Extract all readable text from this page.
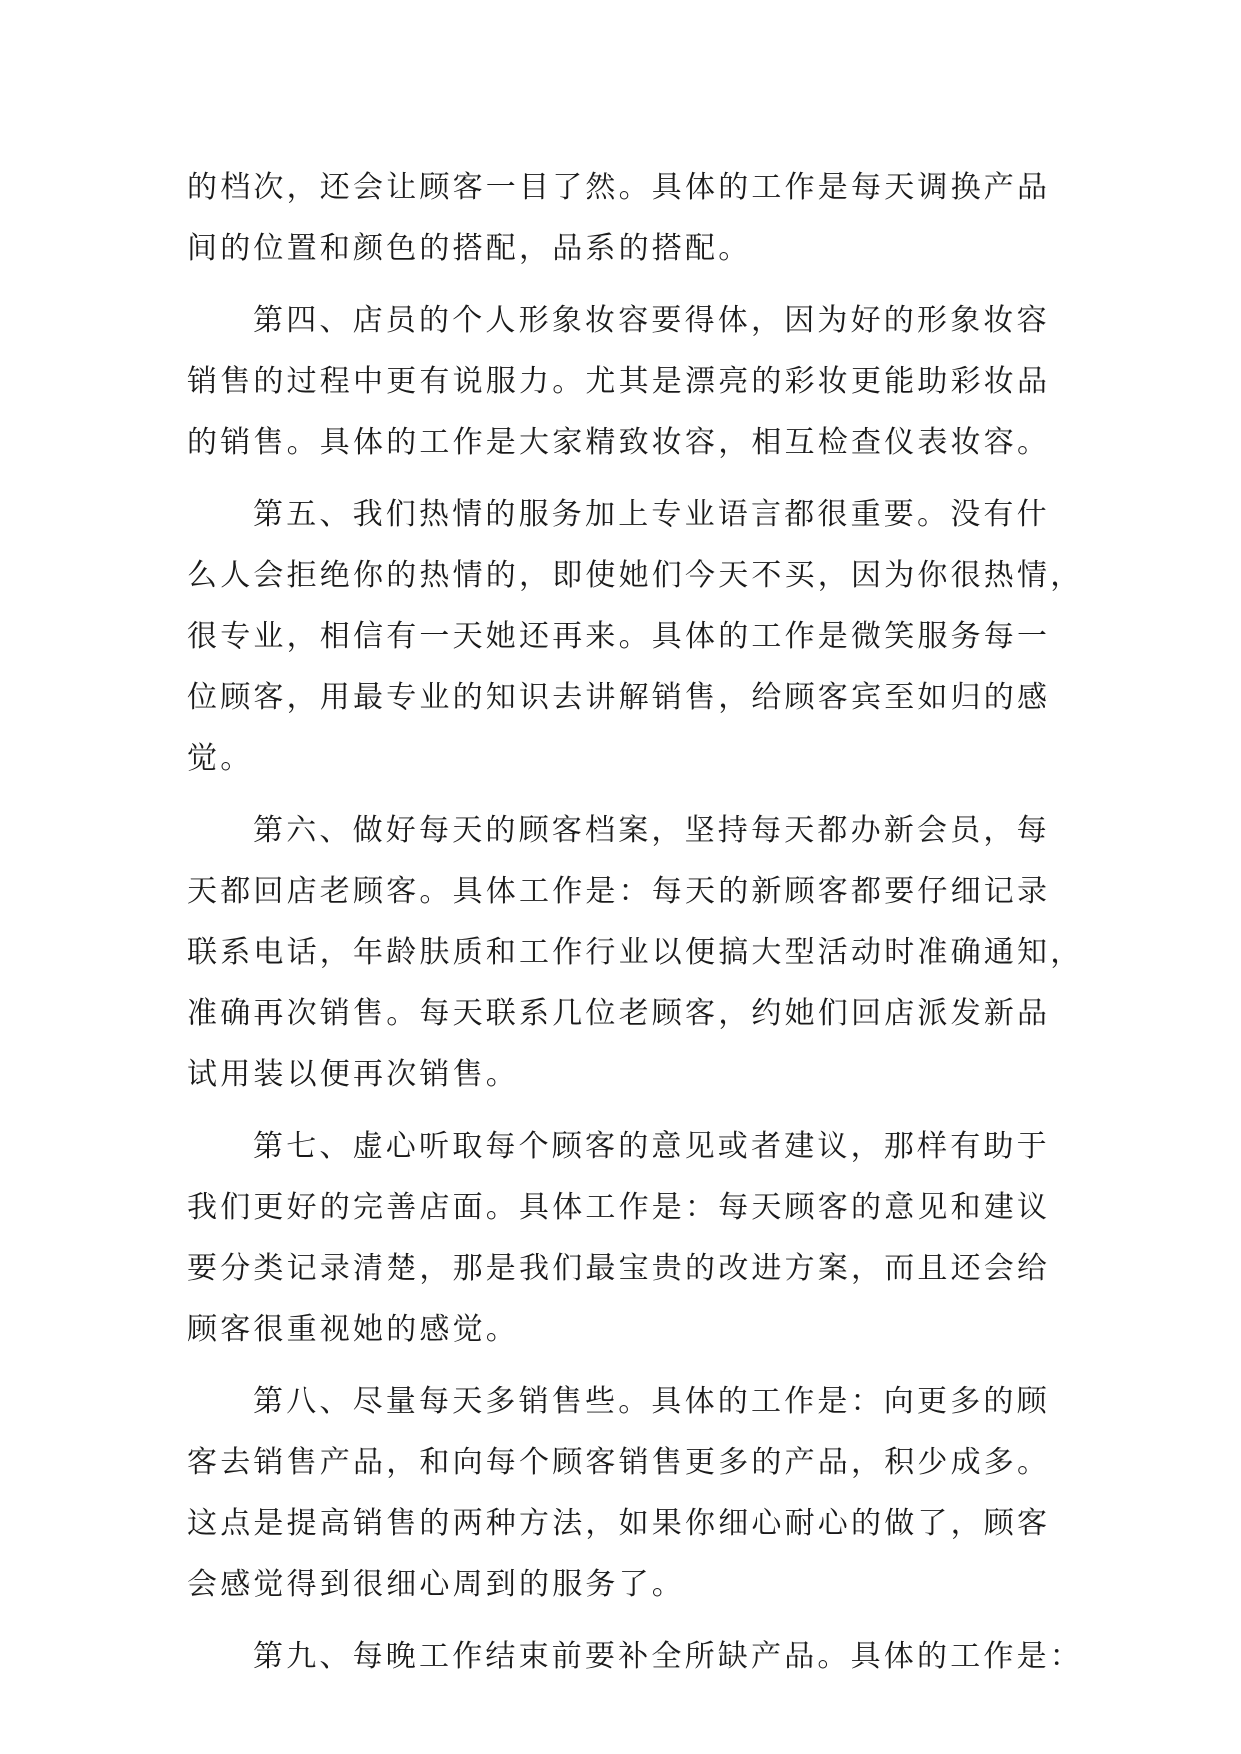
的档次，还会让顾客一目了然。具体的工作是每天调换产品
间的位置和颜色的搭配，品系的搭配。
第四、店员的个人形象妆容要得体，因为好的形象妆容
销售的过程中更有说服力。尤其是漂亮的彩妆更能助彩妆品
的销售。具体的工作是大家精致妆容，相互检查仪表妆容。
第五、我们热情的服务加上专业语言都很重要。没有什
么人会拒绝你的热情的，即使她们今天不买，因为你很热情，
很专业，相信有一天她还再来。具体的工作是微笑服务每一
位顾客，用最专业的知识去讲解销售，给顾客宾至如归的感
觉。
第六、做好每天的顾客档案，坚持每天都办新会员，每
天都回店老顾客。具体工作是：每天的新顾客都要仔细记录
联系电话，年龄肤质和工作行业以便搞大型活动时准确通知，
准确再次销售。每天联系几位老顾客，约她们回店派发新品
试用装以便再次销售。
第七、虚心听取每个顾客的意见或者建议，那样有助于
我们更好的完善店面。具体工作是：每天顾客的意见和建议
要分类记录清楚，那是我们最宝贵的改进方案，而且还会给
顾客很重视她的感觉。
第八、尽量每天多销售些。具体的工作是：向更多的顾
客去销售产品，和向每个顾客销售更多的产品，积少成多。
这点是提高销售的两种方法，如果你细心耐心的做了，顾客
会感觉得到很细心周到的服务了。
第九、每晚工作结束前要补全所缺产品。具体的工作是：
